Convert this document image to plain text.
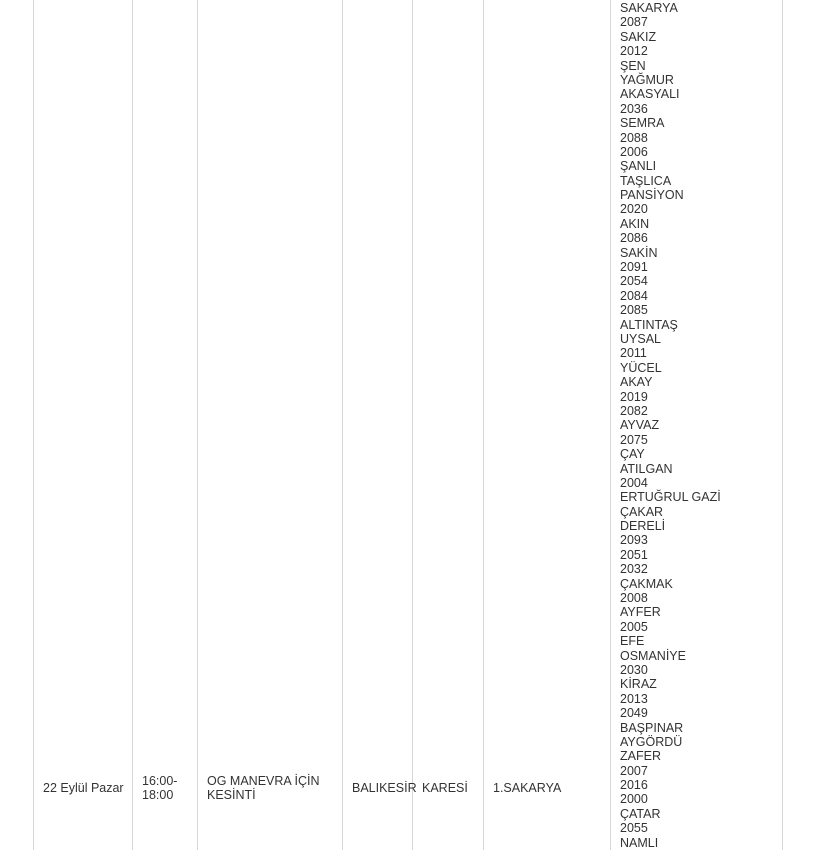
22 Eylül Pazar 16:00-18:00
OG MANEVRA İÇİN KESİNTİ
BALIKESİR KARESİ 1.SAKARYA
SAKARYA
2087
SAKIZ
2012
ŞEN
YAĞMUR
AKASYALI
2036
SEMRA
2088
2006
ŞANLI
TAŞLICA
PANSİYON
2020
AKIN
2086
SAKİN
2091
2054
2084
2085
ALTINTAŞ
UYSAL
2011
YÜCEL
AKAY
2019
2082
AYVAZ
2075
ÇAY
ATILGAN
2004
ERTUĞRUL GAZİ
ÇAKAR
DERELİ
2093
2051
2032
ÇAKMAK
2008
AYFER
2005
EFE
OSMANİYE
2030
KİRAZ
2013
2049
BAŞPINAR
AYGÖRDÜ
ZAFER
2007
2016
2000
ÇATAR
2055
NAMLI
